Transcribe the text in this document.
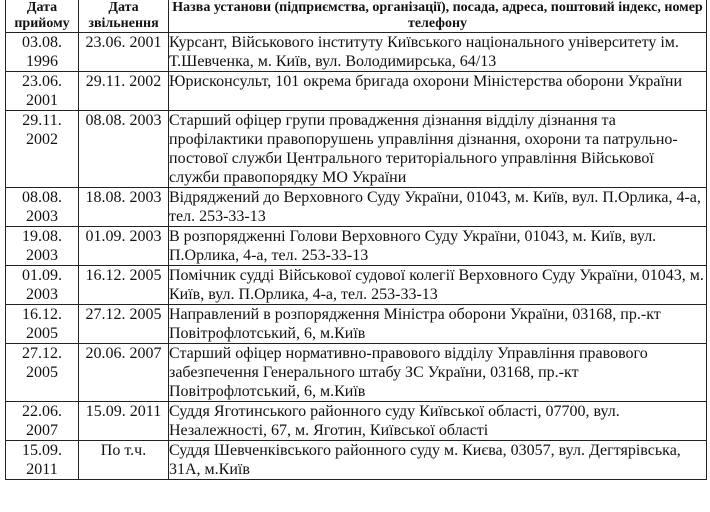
Дата прийому	Дата звільнення	Назва установи (підприємства, організації), посада, адреса, поштовий індекс, номер телефону
03.08. 1996	23.06. 2001	Курсант, Військового інституту Київського національного університету ім. Т.Шевченка, м. Київ, вул. Володимирська, 64/13
23.06. 2001	29.11. 2002	Юрисконсульт, 101 окрема бригада охорони Міністерства оборони України
29.11. 2002	08.08. 2003	Старший офіцер групи провадження дізнання відділу дізнання та профілактики правопорушень управління дізнання, охорони та патрульно-постової служби Центрального територіального управління Військової служби правопорядку МО України
08.08. 2003	18.08. 2003	Відряджений до Верховного Суду України, 01043, м. Київ, вул. П.Орлика, 4-а, тел. 253-33-13
19.08. 2003	01.09. 2003	В розпорядженні Голови Верховного Суду України, 01043, м. Київ, вул. П.Орлика, 4-а, тел. 253-33-13
01.09. 2003	16.12. 2005	Помічник судді Військової судової колегії Верховного Суду України, 01043, м. Київ, вул. П.Орлика, 4-а, тел. 253-33-13
16.12. 2005	27.12. 2005	Направлений в розпорядження Міністра оборони України, 03168, пр.-кт Повітрофлотський, 6, м.Київ
27.12. 2005	20.06. 2007	Старший офіцер нормативно-правового відділу Управління правового забезпечення Генерального штабу ЗС України, 03168, пр.-кт Повітрофлотський, 6, м.Київ
22.06. 2007	15.09. 2011	Суддя Яготинського районного суду Київської області, 07700, вул. Незалежності, 67, м. Яготин, Київської області
15.09. 2011	По т.ч.	Суддя Шевченківського районного суду м. Києва, 03057, вул. Дегтярівська, 31А, м.Київ
